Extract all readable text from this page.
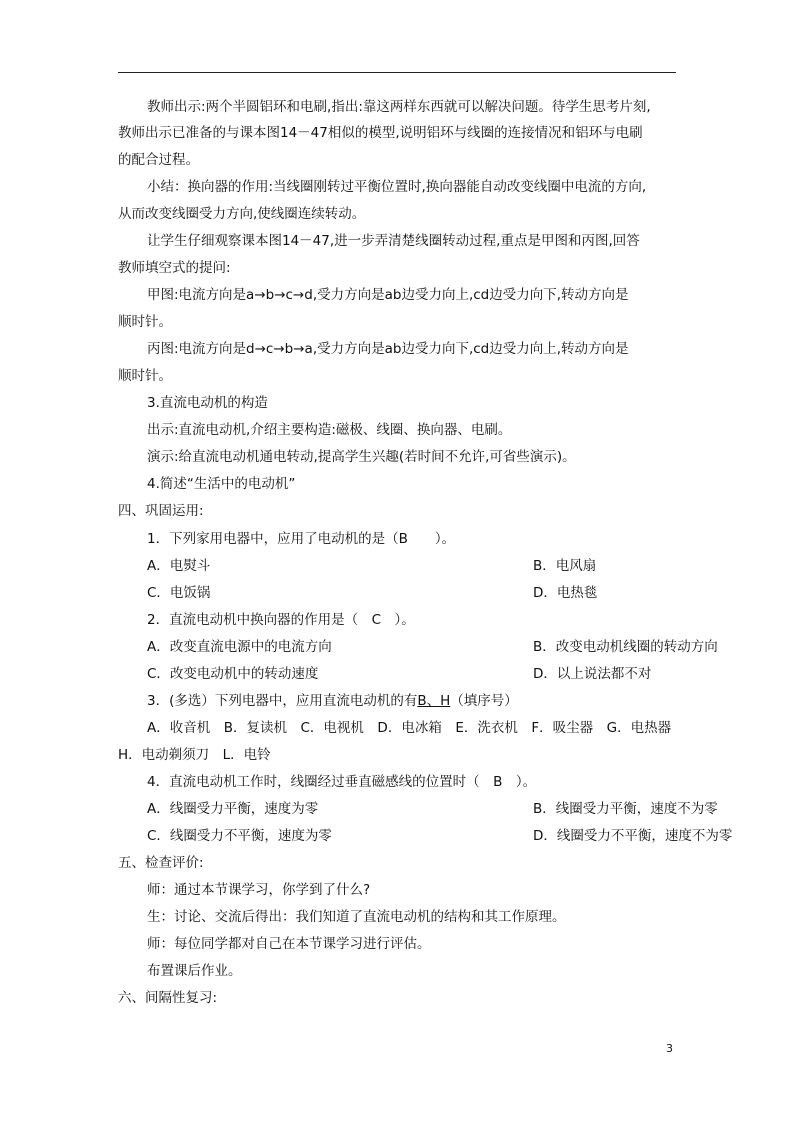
教师出示:两个半圆铝环和电刷,指出:靠这两样东西就可以解决问题。待学生思考片刻,
教师出示已准备的与课本图14－47相似的模型,说明铝环与线圈的连接情况和铝环与电刷
的配合过程。
小结：换向器的作用:当线圈刚转过平衡位置时,换向器能自动改变线圈中电流的方向,
从而改变线圈受力方向,使线圈连续转动。
让学生仔细观察课本图14－47,进一步弄清楚线圈转动过程,重点是甲图和丙图,回答
教师填空式的提问:
甲图:电流方向是a→b→c→d,受力方向是ab边受力向上,cd边受力向下,转动方向是
顺时针。
丙图:电流方向是d→c→b→a,受力方向是ab边受力向下,cd边受力向上,转动方向是
顺时针。
3.直流电动机的构造
出示:直流电动机,介绍主要构造:磁极、线圈、换向器、电刷。
演示:给直流电动机通电转动,提高学生兴趣(若时间不允许,可省些演示)。
4.简述“生活中的电动机”
四、巩固运用:
1．下列家用电器中，应用了电动机的是（B　　）。
A．电熨斗	B．电风扇
C．电饭锅	D．电热毯
2．直流电动机中换向器的作用是（　C　）。
A．改变直流电源中的电流方向	B．改变电动机线圈的转动方向
C．改变电动机中的转动速度	D．以上说法都不对
3．(多选）下列电器中，应用直流电动机的有B、H（填序号）
A．收音机　B．复读机　C．电视机　D．电冰箱　E．洗衣机　F．吸尘器　G．电热器
H．电动剃须刀　L．电铃
4．直流电动机工作时，线圈经过垂直磁感线的位置时（　B　）。
A．线圈受力平衡，速度为零	B．线圈受力平衡，速度不为零
C．线圈受力不平衡，速度为零	D．线圈受力不平衡，速度不为零
五、检查评价:
师：通过本节课学习，你学到了什么?
生：讨论、交流后得出：我们知道了直流电动机的结构和其工作原理。
师：每位同学都对自己在本节课学习进行评估。
布置课后作业。
六、间隔性复习:
3
